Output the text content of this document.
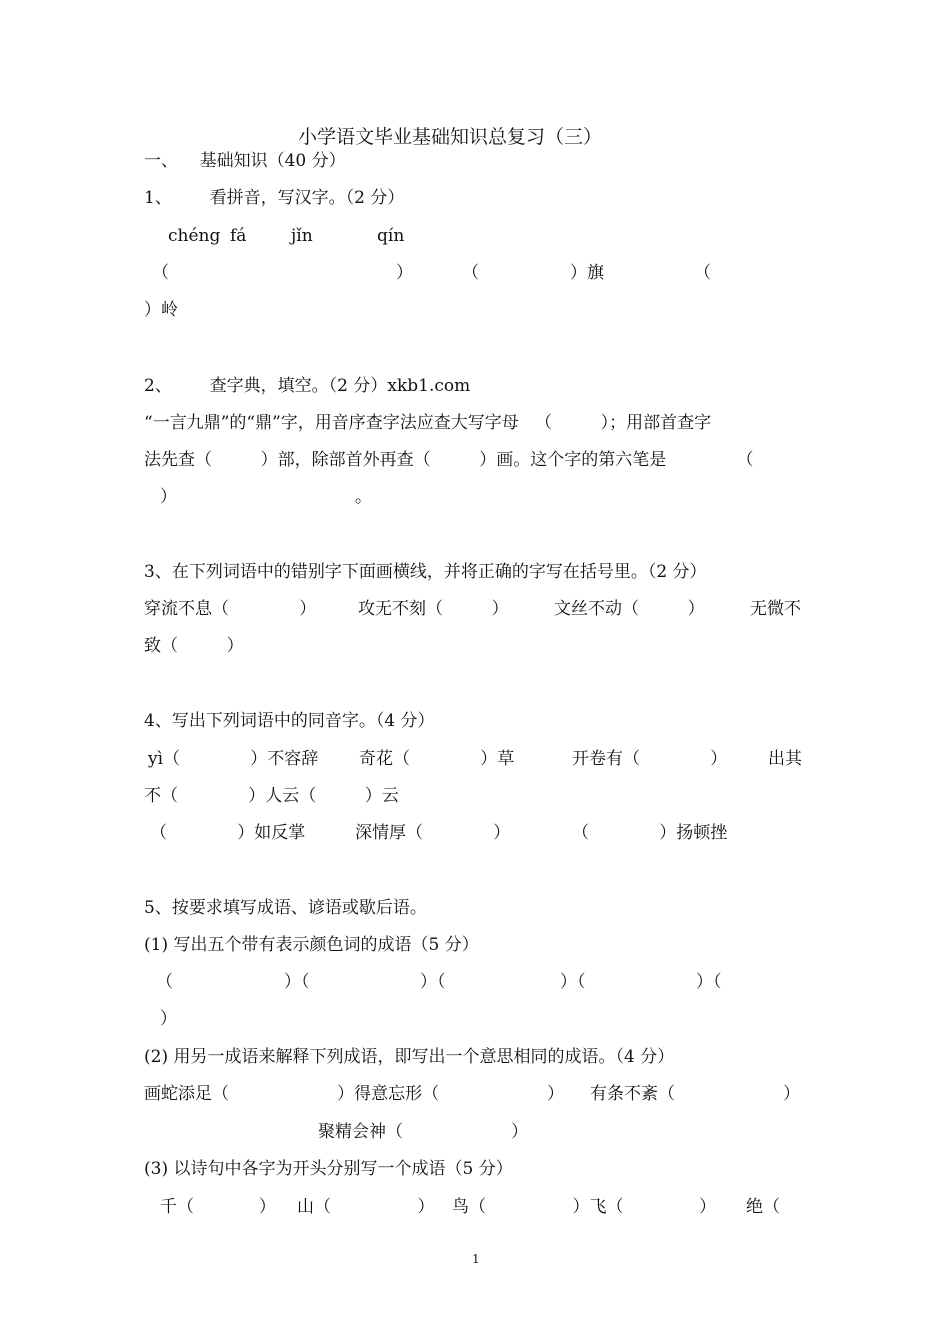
小学语文毕业基础知识总复习（三）
一、    基础知识（40 分）
1、       看拼音，写汉字。（2 分）
chéng fá	jǐn	qín
（	）	（	）旗	（
）岭
2、       查字典，填空。（2 分）xkb1.com
“一言九鼎”的“鼎”字，用音序查字法应查大写字母   （         ）；用部首查字
法先查（         ）部，除部首外再查（         ）画。这个字的第六笔是             （
）	。
3、在下列词语中的错别字下面画横线，并将正确的字写在括号里。（2 分）
穿流不息（             ） 攻无不刻（         ）	文丝不动（         ）	无微不
致（         ）
4、写出下列词语中的同音字。（4 分）
yì（             ）不容辞 奇花（             ）草	开卷有（             ） 出其
不（             ）人云（         ）云
（             ）如反掌	深情厚（             ）	（             ）扬顿挫
5、按要求填写成语、谚语或歇后语。
(1) 写出五个带有表示颜色词的成语（5 分）
（	）（	）（	）（	）（
）
(2) 用另一成语来解释下列成语，即写出一个意思相同的成语。（4 分）
画蛇添足（                    ）得意忘形（                    ） 有条不紊（                    ）
聚精会神（                    ）
(3) 以诗句中各字为开头分别写一个成语（5 分）
千（            ） 山（                ） 鸟（                ）飞（              ） 绝（
1
